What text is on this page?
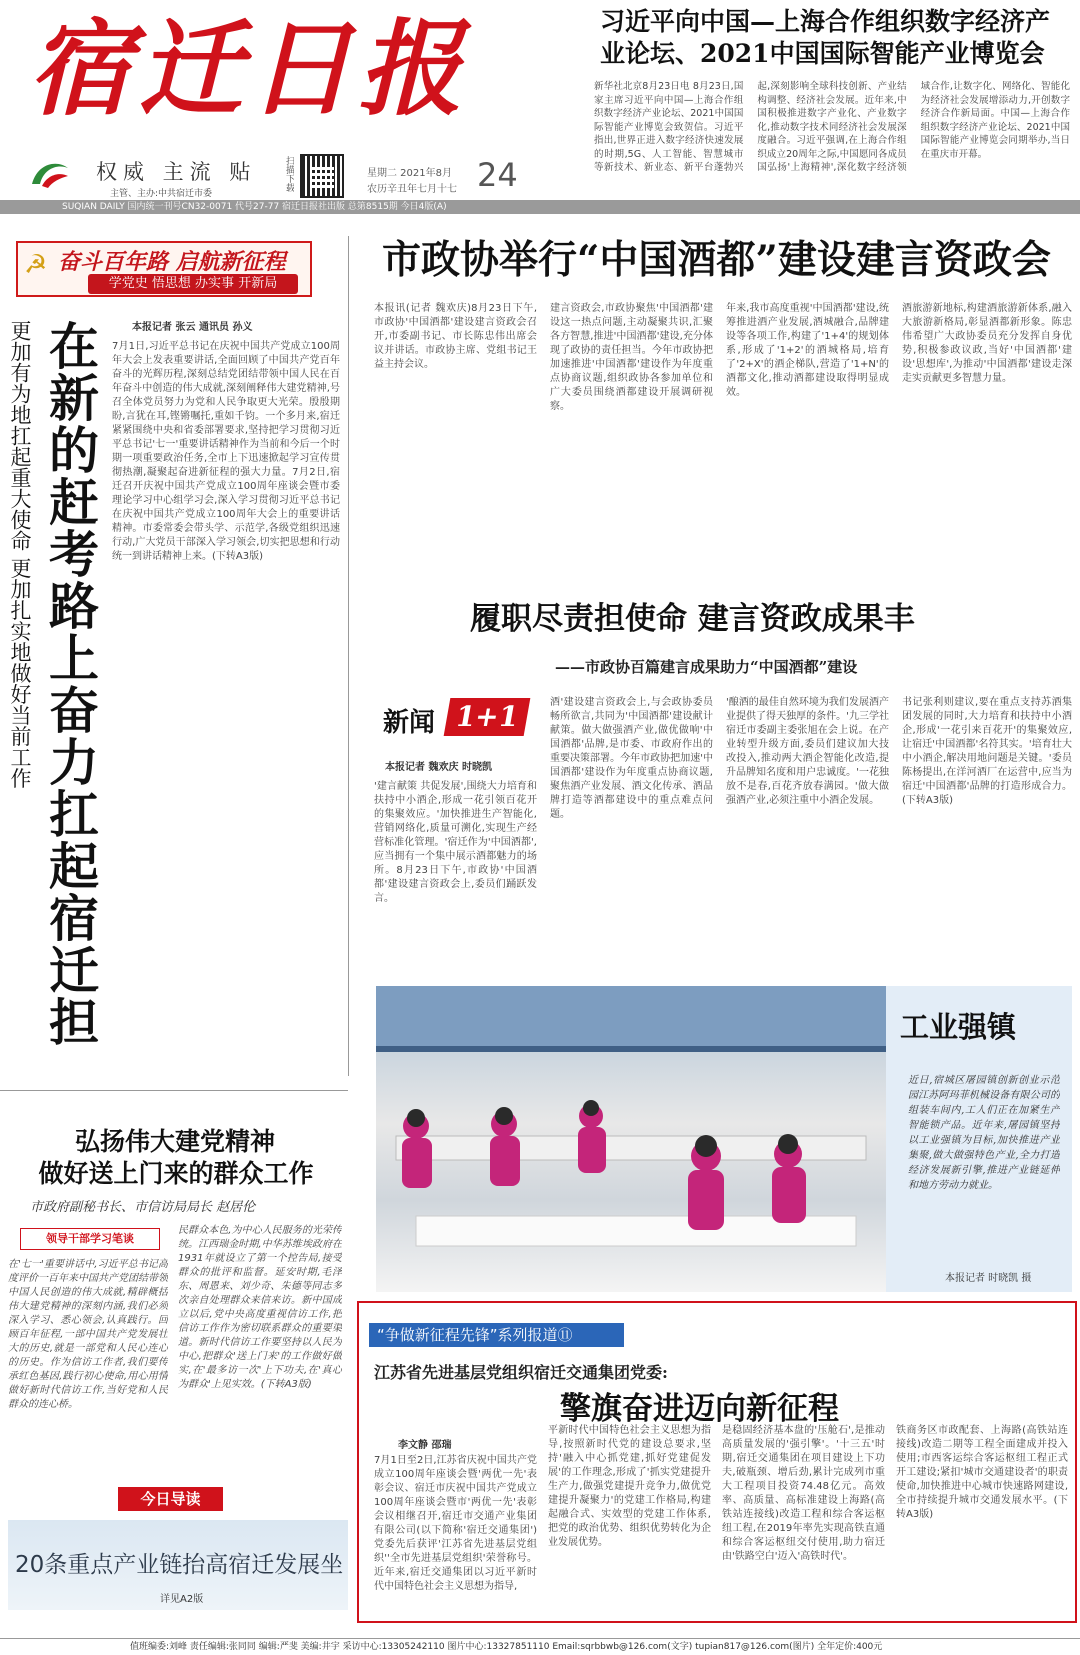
宿迁日报
权威 主流 贴
主管、主办:中共宿迁市委
扫描下载	星期二 2021年8月
农历辛丑年七月十七 24
习近平向中国—上海合作组织数字经济产业论坛、2021中国国际智能产业博览会
新华社北京8月23日电 8月23日,国家主席习近平向中国—上海合作组织数字经济产业论坛、2021中国国际智能产业博览会致贺信。习近平指出,世界正进入数字经济快速发展的时期,5G、人工智能、智慧城市等新技术、新业态、新平台蓬勃兴起,深刻影响全球科技创新、产业结构调整、经济社会发展。近年来,中国积极推进数字产业化、产业数字化,推动数字技术同经济社会发展深度融合。习近平强调,在上海合作组织成立20周年之际,中国愿同各成员国弘扬'上海精神',深化数字经济领域合作,让数字化、网络化、智能化为经济社会发展增添动力,开创数字经济合作新局面。中国—上海合作组织数字经济产业论坛、2021中国国际智能产业博览会同期举办,当日在重庆市开幕。
SUQIAN DAILY 国内统一刊号CN32-0071 代号27-77 宿迁日报社出版 总第8515期 今日4版(A)
☭ 奋斗百年路 启航新征程
学党史 悟思想 办实事 开新局
本报记者 张云 通讯员 孙义
更加有为地扛起重大使命 更加扎实地做好当前工作 在新的赶考路上奋力扛起宿迁担
7月1日,习近平总书记在庆祝中国共产党成立100周年大会上发表重要讲话,全面回顾了中国共产党百年奋斗的光辉历程,深刻总结党团结带领中国人民在百年奋斗中创造的伟大成就,深刻阐释伟大建党精神,号召全体党员努力为党和人民争取更大光荣。殷殷期盼,言犹在耳,铿锵嘱托,重如千钧。一个多月来,宿迁紧紧围绕中央和省委部署要求,坚持把学习贯彻习近平总书记'七一'重要讲话精神作为当前和今后一个时期一项重要政治任务,全市上下迅速掀起学习宣传贯彻热潮,凝聚起奋进新征程的强大力量。7月2日,宿迁召开庆祝中国共产党成立100周年座谈会暨市委理论学习中心组学习会,深入学习贯彻习近平总书记在庆祝中国共产党成立100周年大会上的重要讲话精神。市委常委会带头学、示范学,各级党组织迅速行动,广大党员干部深入学习领会,切实把思想和行动统一到讲话精神上来。(下转A3版)
市政协举行“中国酒都”建设建言资政会
本报讯(记者 魏欢庆)8月23日下午,市政协'中国酒都'建设建言资政会召开,市委副书记、市长陈忠伟出席会议并讲话。市政协主席、党组书记王益主持会议。
建言资政会,市政协聚焦'中国酒都'建设这一热点问题,主动凝聚共识,汇聚各方智慧,推进'中国酒都'建设,充分体现了政协的责任担当。今年市政协把加速推进'中国酒都'建设作为年度重点协商议题,组织政协各参加单位和广大委员围绕酒都建设开展调研视察。
年来,我市高度重视'中国酒都'建设,统筹推进酒产业发展,酒城融合,品牌建设等各项工作,构建了'1+4'的规划体系,形成了'1+2'的酒城格局,培育了'2+X'的酒企梯队,营造了'1+N'的酒都文化,推动酒都建设取得明显成效。
酒旅游新地标,构建酒旅游新体系,融入大旅游新格局,彰显酒都新形象。陈忠伟希望广大政协委员充分发挥自身优势,积极参政议政,当好'中国酒都'建设'思想库',为推动'中国酒都'建设走深走实贡献更多智慧力量。
履职尽责担使命 建言资政成果丰
——市政协百篇建言成果助力“中国酒都”建设
新闻 1+1
本报记者 魏欢庆 时晓凯
'建言献策 共促发展',围绕大力培育和扶持中小酒企,形成一花引领百花开的集聚效应。'加快推进生产智能化,营销网络化,质量可溯化,实现生产经营标准化管理。'宿迁作为'中国酒都',应当拥有一个集中展示酒都魅力的场所。8月23日下午,市政协'中国酒都'建设建言资政会上,委员们踊跃发言。
酒'建设建言资政会上,与会政协委员畅所欲言,共同为'中国酒都'建设献计献策。做大做强酒产业,做优做响'中国酒都'品牌,是市委、市政府作出的重要决策部署。今年市政协把加速'中国酒都'建设作为年度重点协商议题,聚焦酒产业发展、酒文化传承、酒品牌打造等酒都建设中的重点难点问题。
'酿酒的最佳自然环境为我们发展酒产业提供了得天独厚的条件。'九三学社宿迁市委副主委张旭在会上说。在产业转型升级方面,委员们建议加大技改投入,推动两大酒企智能化改造,提升品牌知名度和用户忠诚度。'一花独放不是春,百花齐放春满园。'做大做强酒产业,必须注重中小酒企发展。
书记张利则建议,要在重点支持苏酒集团发展的同时,大力培育和扶持中小酒企,形成'一花引来百花开'的集聚效应,让宿迁'中国酒都'名符其实。'培育壮大中小酒企,解决用地问题是关键。'委员陈杨提出,在洋河酒厂在运营中,应当为宿迁'中国酒都'品牌的打造形成合力。(下转A3版)
工业强镇
近日,宿城区屠园镇创新创业示范园江苏阿玛菲机械设备有限公司的组装车间内,工人们正在加紧生产智能锁产品。近年来,屠园镇坚持以工业强镇为目标,加快推进产业集聚,做大做强特色产业,全力打造经济发展新引擎,推进产业链延伸和地方劳动力就业。
本报记者 时晓凯 摄
弘扬伟大建党精神
做好送上门来的群众工作
市政府副秘书长、市信访局局长 赵居伦
领导干部学习笔谈
在'七一'重要讲话中,习近平总书记高度评价一百年来中国共产党团结带领中国人民创造的伟大成就,精辟概括伟大建党精神的深刻内涵,我们必须深入学习、悉心领会,认真践行。回顾百年征程,一部中国共产党发展壮大的历史,就是一部党和人民心连心的历史。作为信访工作者,我们要传承红色基因,践行初心使命,用心用情做好新时代信访工作,当好党和人民群众的连心桥。
民群众本色,为中心人民服务的光荣传统。江西瑞金时期,中华苏维埃政府在1931年就设立了第一个控告局,接受群众的批评和监督。延安时期,毛泽东、周恩来、刘少奇、朱德等同志多次亲自处理群众来信来访。新中国成立以后,党中央高度重视信访工作,把信访工作作为密切联系群众的重要渠道。新时代信访工作要坚持以人民为中心,把群众'送上门来'的工作做好做实,在'最多访一次'上下功夫,在'真心为群众'上见实效。(下转A3版)
今日导读
20条重点产业链抬高宿迁发展坐
详见A2版
“争做新征程先锋”系列报道⑪
江苏省先进基层党组织宿迁交通集团党委:
擎旗奋进迈向新征程
李文静 邵瑞
7月1日至2日,江苏省庆祝中国共产党成立100周年座谈会暨'两优一先'表彰会议、宿迁市庆祝中国共产党成立100周年座谈会暨市'两优一先'表彰会议相继召开,宿迁市交通产业集团有限公司(以下简称'宿迁交通集团')党委先后获评'江苏省先进基层党组织''全市先进基层党组织'荣誉称号。近年来,宿迁交通集团以习近平新时代中国特色社会主义思想为指导,
平新时代中国特色社会主义思想为指导,按照新时代党的建设总要求,坚持'融入中心抓党建,抓好党建促发展'的工作理念,形成了'抓实党建提升生产力,做强党建提升竞争力,做优党建提升凝聚力'的党建工作格局,构建起融合式、实效型的党建工作体系,把党的政治优势、组织优势转化为企业发展优势。
是稳固经济基本盘的'压舱石',是推动高质量发展的'强引擎'。'十三五'时期,宿迁交通集团在项目建设上下功夫,破瓶颈、增后劲,累计完成列市重大工程项目投资74.48亿元。高效率、高质量、高标准建设上海路(高铁站连接线)改造工程和综合客运枢纽工程,在2019年率先实现高铁直通和综合客运枢纽交付使用,助力宿迁由'铁路空白'迈入'高铁时代'。
铁商务区市政配套、上海路(高铁站连接线)改造二期等工程全面建成并投入使用;市西客运综合客运枢纽工程正式开工建设;紧扣'城市交通建设者'的职责使命,加快推进中心城市快速路网建设,全市持续提升城市交通发展水平。(下转A3版)
值班编委:刘峰 责任编辑:张同同 编辑:严斐 美编:井宇 采访中心:13305242110 图片中心:13327851110 Email:sqrbbwb@126.com(文字) tupian817@126.com(图片) 全年定价:400元
